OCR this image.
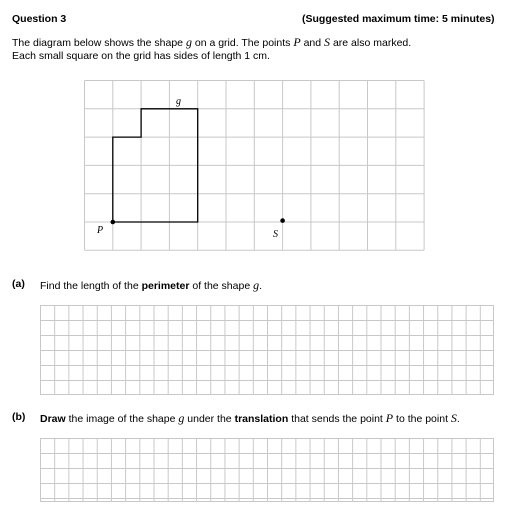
Question 3	(Suggested maximum time: 5 minutes)
The diagram below shows the shape g on a grid. The points P and S are also marked.
Each small square on the grid has sides of length 1 cm.
g
P	S
(a) Find the length of the perimeter of the shape g.
(b) Draw the image of the shape g under the translation that sends the point P to the point S.
